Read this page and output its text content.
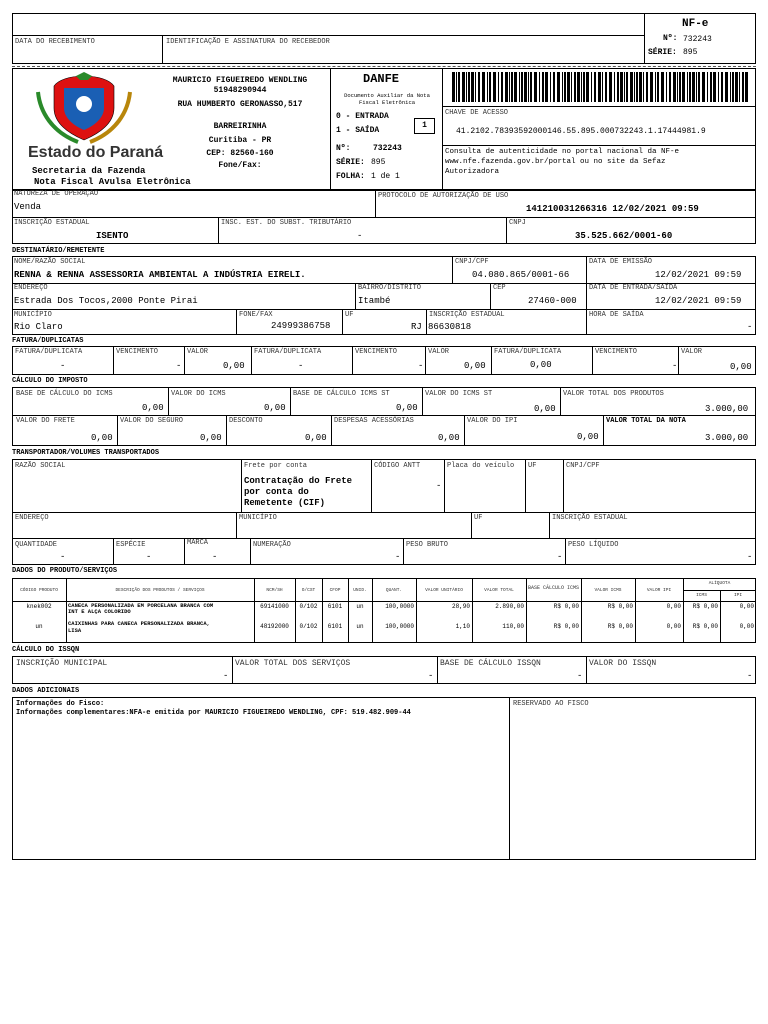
DATA DO RECEBIMENTO	IDENTIFICAÇÃO E ASSINATURA DO RECEBEDOR
NF-e
Nº: 732243
SÉRIE: 895
Estado do Paraná
Secretaria da Fazenda
Nota Fiscal Avulsa Eletrônica
MAURICIO FIGUEIREDO WENDLING
51948290944
RUA HUMBERTO GERONASSO,517
BARREIRINHA
Curitiba - PR
CEP: 82560-160
Fone/Fax:
DANFE
Documento Auxiliar da Nota
Fiscal Eletrônica
0 - ENTRADA
1 - SAÍDA
1
Nº:	732243
SÉRIE: 895
FOLHA: 1 de 1
CHAVE DE ACESSO
41.2102.78393592000146.55.895.000732243.1.17444981.9
Consulta de autenticidade no portal nacional da NF-e
www.nfe.fazenda.gov.br/portal ou no site da Sefaz
Autorizadora
NATUREZA DE OPERAÇÃO
Venda
PROTOCOLO DE AUTORIZAÇÃO DE USO
141210031266316 12/02/2021 09:59
INSCRIÇÃO ESTADUAL
ISENTO
INSC. EST. DO SUBST. TRIBUTÁRIO
-
CNPJ
35.525.662/0001-60
DESTINATÁRIO/REMETENTE
NOME/RAZÃO SOCIAL
RENNA & RENNA ASSESSORIA AMBIENTAL A INDÚSTRIA EIRELI.
CNPJ/CPF
04.080.865/0001-66
DATA DE EMISSÃO
12/02/2021 09:59
ENDEREÇO
Estrada Dos Tocos,2000 Ponte Pirai
BAIRRO/DISTRITO
Itambé
CEP
27460-000
DATA DE ENTRADA/SAÍDA
12/02/2021 09:59
MUNICÍPIO
Rio Claro
FONE/FAX
24999386758
UF
RJ
INSCRIÇÃO ESTADUAL
86630818
HORA DE SAÍDA
-
FATURA/DUPLICATAS
FATURA/DUPLICATA
-
VENCIMENTO
-
VALOR
0,00
FATURA/DUPLICATA
-
VENCIMENTO
-
VALOR
0,00
FATURA/DUPLICATA
0,00
VENCIMENTO
-
VALOR
0,00
CÁLCULO DO IMPOSTO
BASE DE CÁLCULO DO ICMS
0,00
VALOR DO ICMS
0,00
BASE DE CÁLCULO ICMS ST
0,00
VALOR DO ICMS ST
0,00
VALOR TOTAL DOS PRODUTOS
3.000,00
VALOR DO FRETE
0,00
VALOR DO SEGURO
0,00
DESCONTO
0,00
DESPESAS ACESSÓRIAS
0,00
VALOR DO IPI
0,00
VALOR TOTAL DA NOTA
3.000,00
TRANSPORTADOR/VOLUMES TRANSPORTADOS
RAZÃO SOCIAL	Frete por conta
Contratação do Frete
por conta do
Remetente (CIF)
CÓDIGO ANTT
-
Placa do veículo UF	CNPJ/CPF
ENDEREÇO	MUNICÍPIO	UF	INSCRIÇÃO ESTADUAL
QUANTIDADE
-
ESPÉCIE
-
MARCA
-
NUMERAÇÃO
-
PESO BRUTO
-
PESO LÍQUIDO
-
DADOS DO PRODUTO/SERVIÇOS
CÓDIGO PRODUTO	DESCRIÇÃO DOS PRODUTOS / SERVIÇOS	NCM/SH	O/CST	CFOP	UNID.	QUANT.	VALOR UNITÁRIO	VALOR TOTAL	BASE CÁLCULO ICMS	VALOR ICMS	VALOR IPI
ALÍQUOTA
ICMS	IPI
knek002	CANECA PERSONALIZADA EM PORCELANA BRANCA COM
INT E ALÇA COLORIDO
69141000	0/102	6101	un	100,0000	28,90	2.890,00	R$ 0,00	R$ 0,00	0,00	R$ 0,00	0,00
un	CAIXINHAS PARA CANECA PERSONALIZADA BRANCA,
LISA
48192000	0/102	6101	un	100,0000	1,10	110,00	R$ 0,00	R$ 0,00	0,00	R$ 0,00	0,00
CÁLCULO DO ISSQN
INSCRIÇÃO MUNICIPAL
-
VALOR TOTAL DOS SERVIÇOS
-
BASE DE CÁLCULO ISSQN
-
VALOR DO ISSQN
-
DADOS ADICIONAIS
Informações do Fisco:
Informações complementares:NFA-e emitida por MAURICIO FIGUEIREDO WENDLING, CPF: 519.482.909-44
RESERVADO AO FISCO
